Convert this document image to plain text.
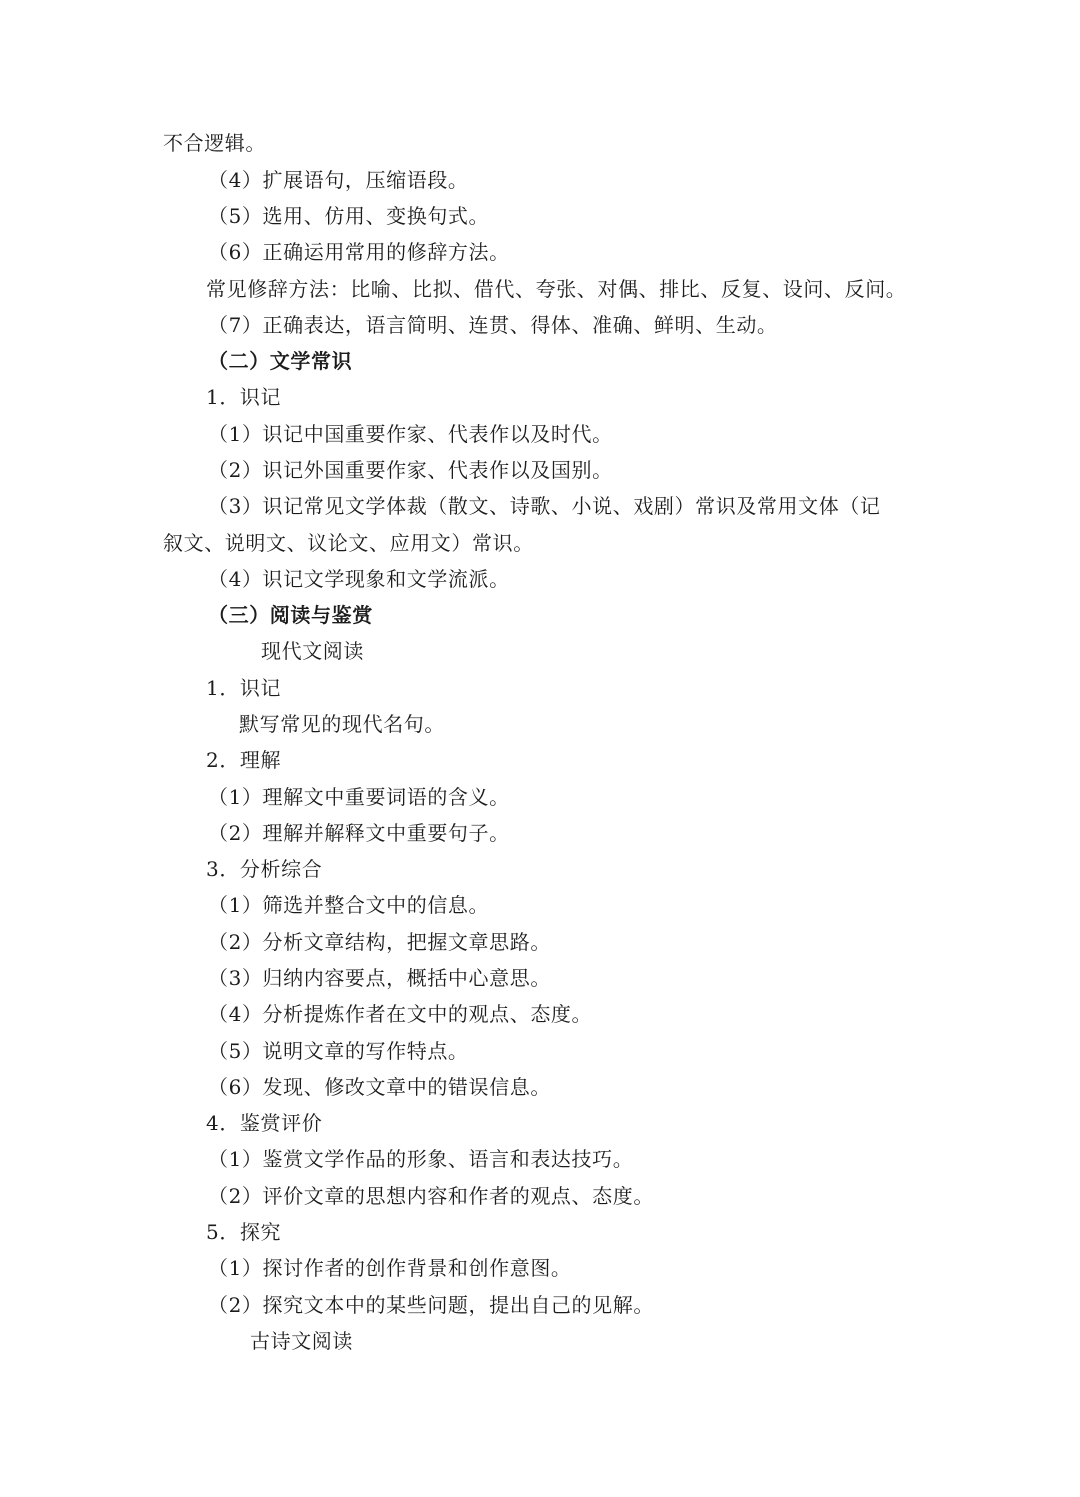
不合逻辑。
（4）扩展语句，压缩语段。
（5）选用、仿用、变换句式。
（6）正确运用常用的修辞方法。
常见修辞方法：比喻、比拟、借代、夸张、对偶、排比、反复、设问、反问。
（7）正确表达，语言简明、连贯、得体、准确、鲜明、生动。
（二）文学常识
1．识记
（1）识记中国重要作家、代表作以及时代。
（2）识记外国重要作家、代表作以及国别。
（3）识记常见文学体裁（散文、诗歌、小说、戏剧）常识及常用文体（记
叙文、说明文、议论文、应用文）常识。
（4）识记文学现象和文学流派。
（三）阅读与鉴赏
现代文阅读
1．识记
默写常见的现代名句。
2．理解
（1）理解文中重要词语的含义。
（2）理解并解释文中重要句子。
3．分析综合
（1）筛选并整合文中的信息。
（2）分析文章结构，把握文章思路。
（3）归纳内容要点，概括中心意思。
（4）分析提炼作者在文中的观点、态度。
（5）说明文章的写作特点。
（6）发现、修改文章中的错误信息。
4．鉴赏评价
（1）鉴赏文学作品的形象、语言和表达技巧。
（2）评价文章的思想内容和作者的观点、态度。
5．探究
（1）探讨作者的创作背景和创作意图。
（2）探究文本中的某些问题，提出自己的见解。
古诗文阅读
